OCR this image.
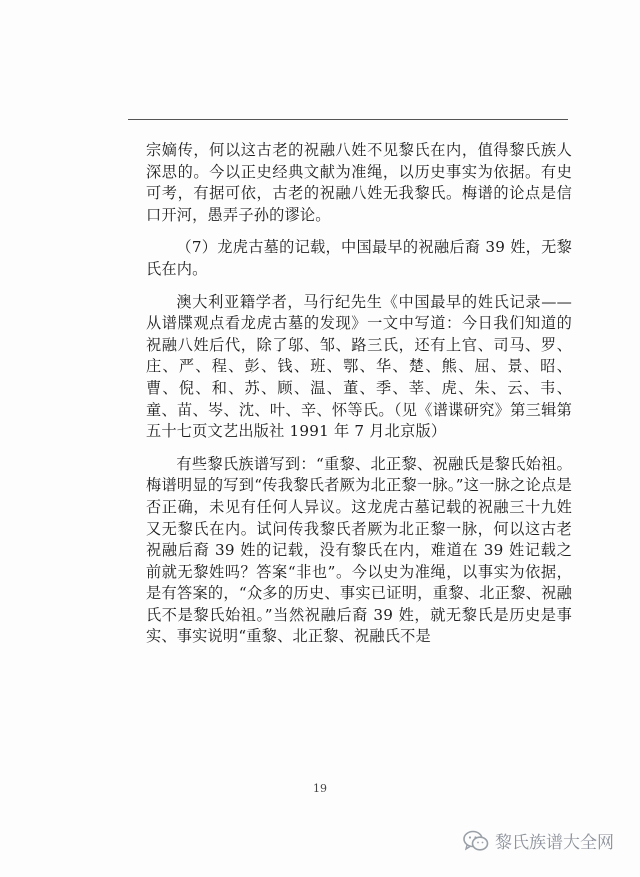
宗嫡传，何以这古老的祝融八姓不见黎氏在内，值得黎氏族人深思的。今以正史经典文献为准绳，以历史事实为依据。有史可考，有据可依，古老的祝融八姓无我黎氏。梅谱的论点是信口开河，愚弄子孙的谬论。

（7）龙虎古墓的记载，中国最早的祝融后裔 39 姓，无黎氏在内。

澳大利亚籍学者，马行纪先生《中国最早的姓氏记录——从谱牒观点看龙虎古墓的发现》一文中写道：今日我们知道的祝融八姓后代，除了邬、邹、路三氏，还有上官、司马、罗、庄、严、程、彭、钱、班、鄂、华、楚、熊、屈、景、昭、曹、倪、和、苏、顾、温、董、季、莘、虎、朱、云、韦、童、苗、岑、沈、叶、辛、怀等氏。（见《谱谍研究》第三辑第五十七页文艺出版社 1991 年 7 月北京版）

有些黎氏族谱写到：“重黎、北正黎、祝融氏是黎氏始祖。梅谱明显的写到“传我黎氏者厥为北正黎一脉。”这一脉之论点是否正确，未见有任何人异议。这龙虎古墓记载的祝融三十九姓又无黎氏在内。试问传我黎氏者厥为北正黎一脉，何以这古老祝融后裔 39 姓的记载，没有黎氏在内，难道在 39 姓记载之前就无黎姓吗？答案“非也”。今以史为准绳，以事实为依据，是有答案的，“众多的历史、事实已证明，重黎、北正黎、祝融氏不是黎氏始祖。”当然祝融后裔 39 姓，就无黎氏是历史是事实、事实说明“重黎、北正黎、祝融氏不是

19
黎氏族谱大全网
